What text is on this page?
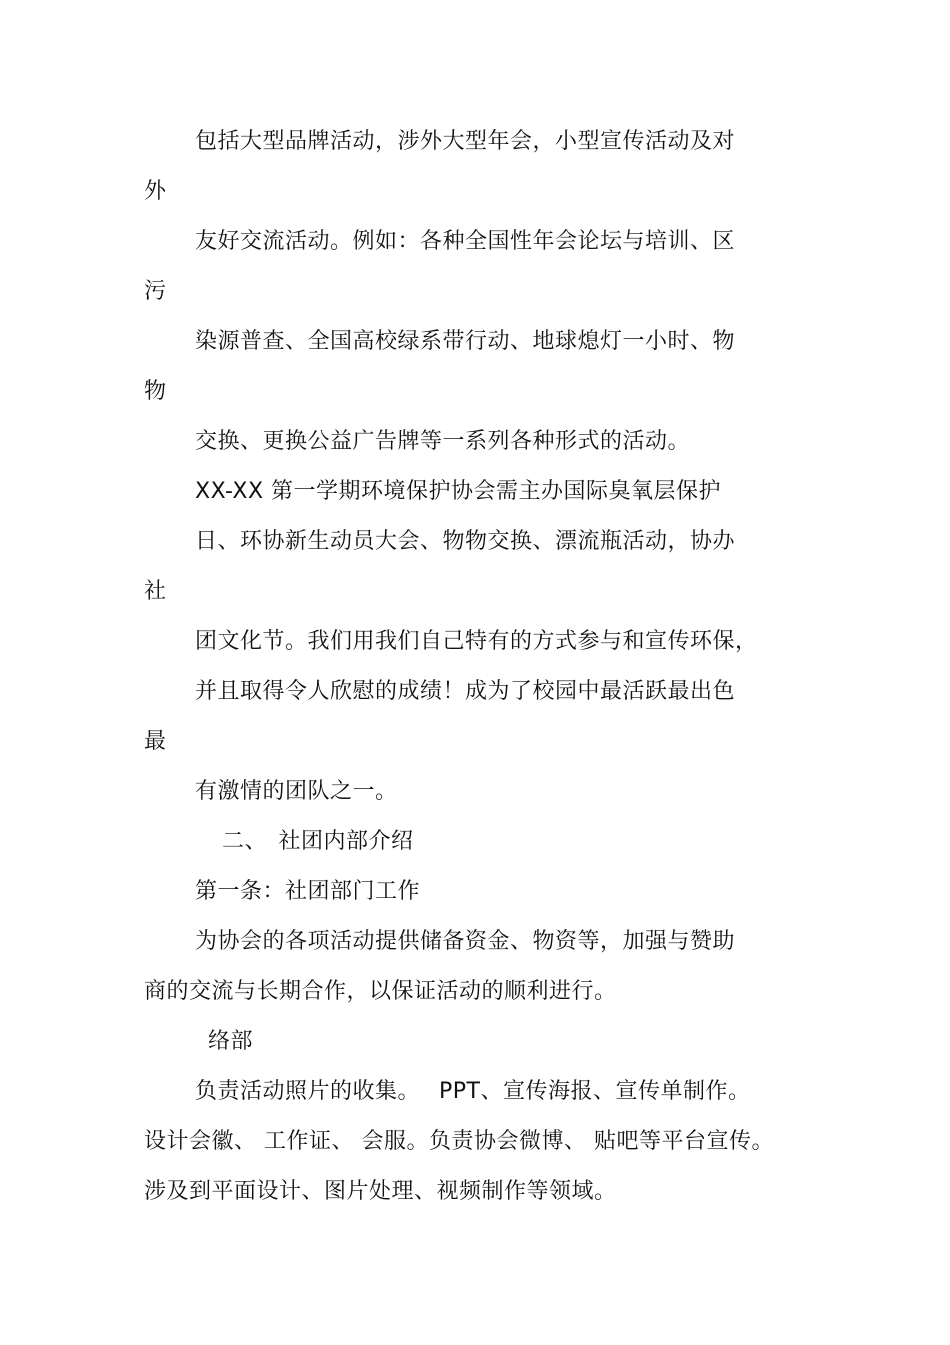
包括大型品牌活动，涉外大型年会，小型宣传活动及对
外
友好交流活动。例如：各种全国性年会论坛与培训、区
污
染源普查、全国高校绿系带行动、地球熄灯一小时、物
物
交换、更换公益广告牌等一系列各种形式的活动。
XX-XX 第一学期环境保护协会需主办国际臭氧层保护
日、环协新生动员大会、物物交换、漂流瓶活动，协办
社
团文化节。我们用我们自己特有的方式参与和宣传环保，
并且取得令人欣慰的成绩！成为了校园中最活跃最出色
最
有激情的团队之一。
二、　社团内部介绍
第一条：社团部门工作
为协会的各项活动提供储备资金、物资等，加强与赞助
商的交流与长期合作，以保证活动的顺利进行。
络部
负责活动照片的收集。　 PPT、宣传海报、宣传单制作。
设计会徽、 工作证、 会服。负责协会微博、 贴吧等平台宣传。
涉及到平面设计、图片处理、视频制作等领域。
